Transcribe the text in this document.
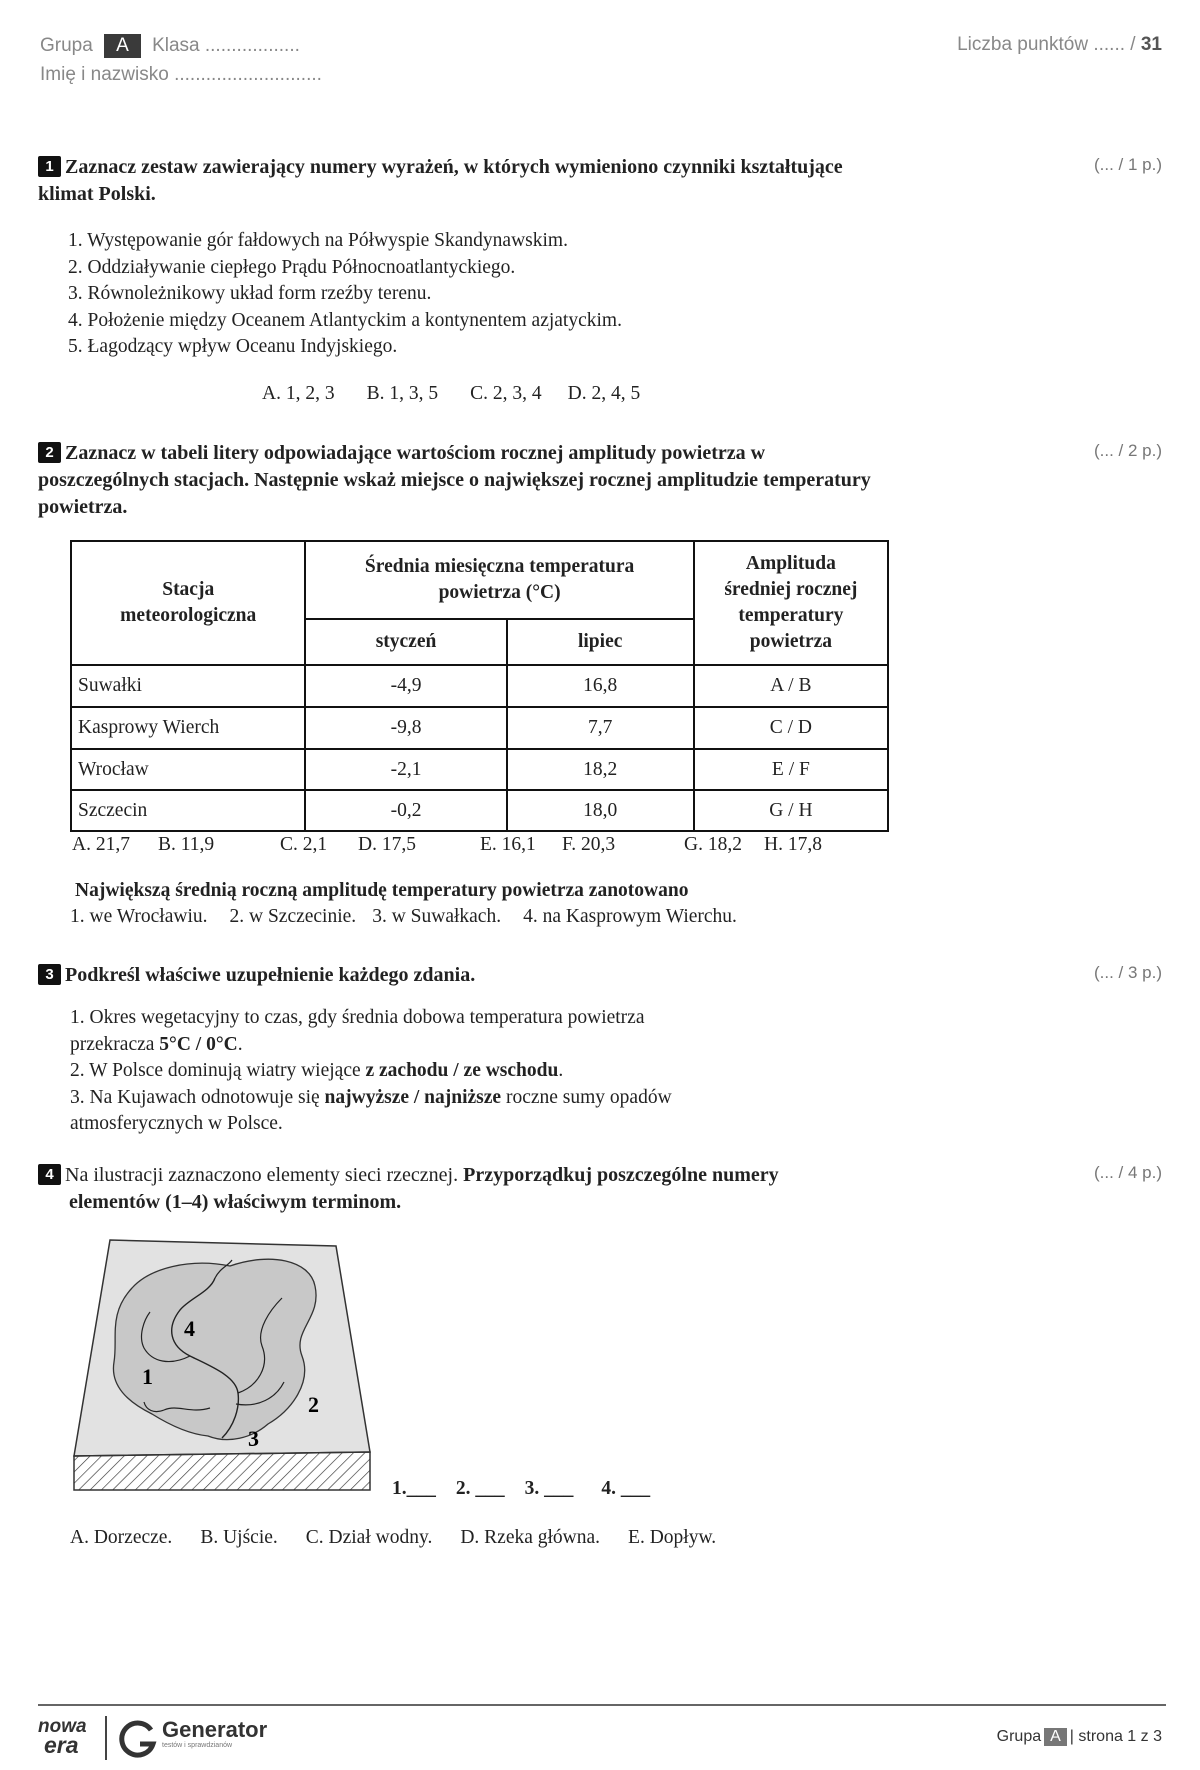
Grupa A Klasa ..................
Imię i nazwisko ............................
Liczba punktów ...... / 31
1 Zaznacz zestaw zawierający numery wyrażeń, w których wymieniono czynniki kształtujące klimat Polski.
(... / 1 p.)
1. Występowanie gór fałdowych na Półwyspie Skandynawskim.
2. Oddziaływanie ciepłego Prądu Północnoatlantyckiego.
3. Równoleżnikowy układ form rzeźby terenu.
4. Położenie między Oceanem Atlantyckim a kontynentem azjatyckim.
5. Łagodzący wpływ Oceanu Indyjskiego.
A. 1, 2, 3 B. 1, 3, 5 C. 2, 3, 4 D. 2, 4, 5
2 Zaznacz w tabeli litery odpowiadające wartościom rocznej amplitudy powietrza w poszczególnych stacjach. Następnie wskaż miejsce o największej rocznej amplitudzie temperatury powietrza.
(... / 2 p.)
Stacja meteorologiczna	Średnia miesięczna temperatura powietrza (°C)		Amplituda średniej rocznej temperatury powietrza

	styczeń	lipiec	
Suwałki	-4,9	16,8	A / B
Kasprowy Wierch	-9,8	7,7	C / D
Wrocław	-2,1	18,2	E / F
Szczecin	-0,2	18,0	G / H
A. 21,7 B. 11,9	C. 2,1 D. 17,5	E. 16,1 F. 20,3	G. 18,2 H. 17,8
Największą średnią roczną amplitudę temperatury powietrza zanotowano
1. we Wrocławiu. 2. w Szczecinie. 3. w Suwałkach. 4. na Kasprowym Wierchu.
3 Podkreśl właściwe uzupełnienie każdego zdania.	(... / 3 p.)
1. Okres wegetacyjny to czas, gdy średnia dobowa temperatura powietrza
przekracza 5°C / 0°C.
2. W Polsce dominują wiatry wiejące z zachodu / ze wschodu.
3. Na Kujawach odnotowuje się najwyższe / najniższe roczne sumy opadów
atmosferycznych w Polsce.
4 Na ilustracji zaznaczono elementy sieci rzecznej. Przyporządkuj poszczególne numery
elementów (1–4) właściwym terminom.
(... / 4 p.)
4
1
2
3
1.___ 2. ___ 3. ___ 4. ___
A. Dorzecze. B. Ujście. C. Dział wodny. D. Rzeka główna. E. Dopływ.
nowa
era
Generator
testów i sprawdzianów
Grupa A | strona 1 z 3
